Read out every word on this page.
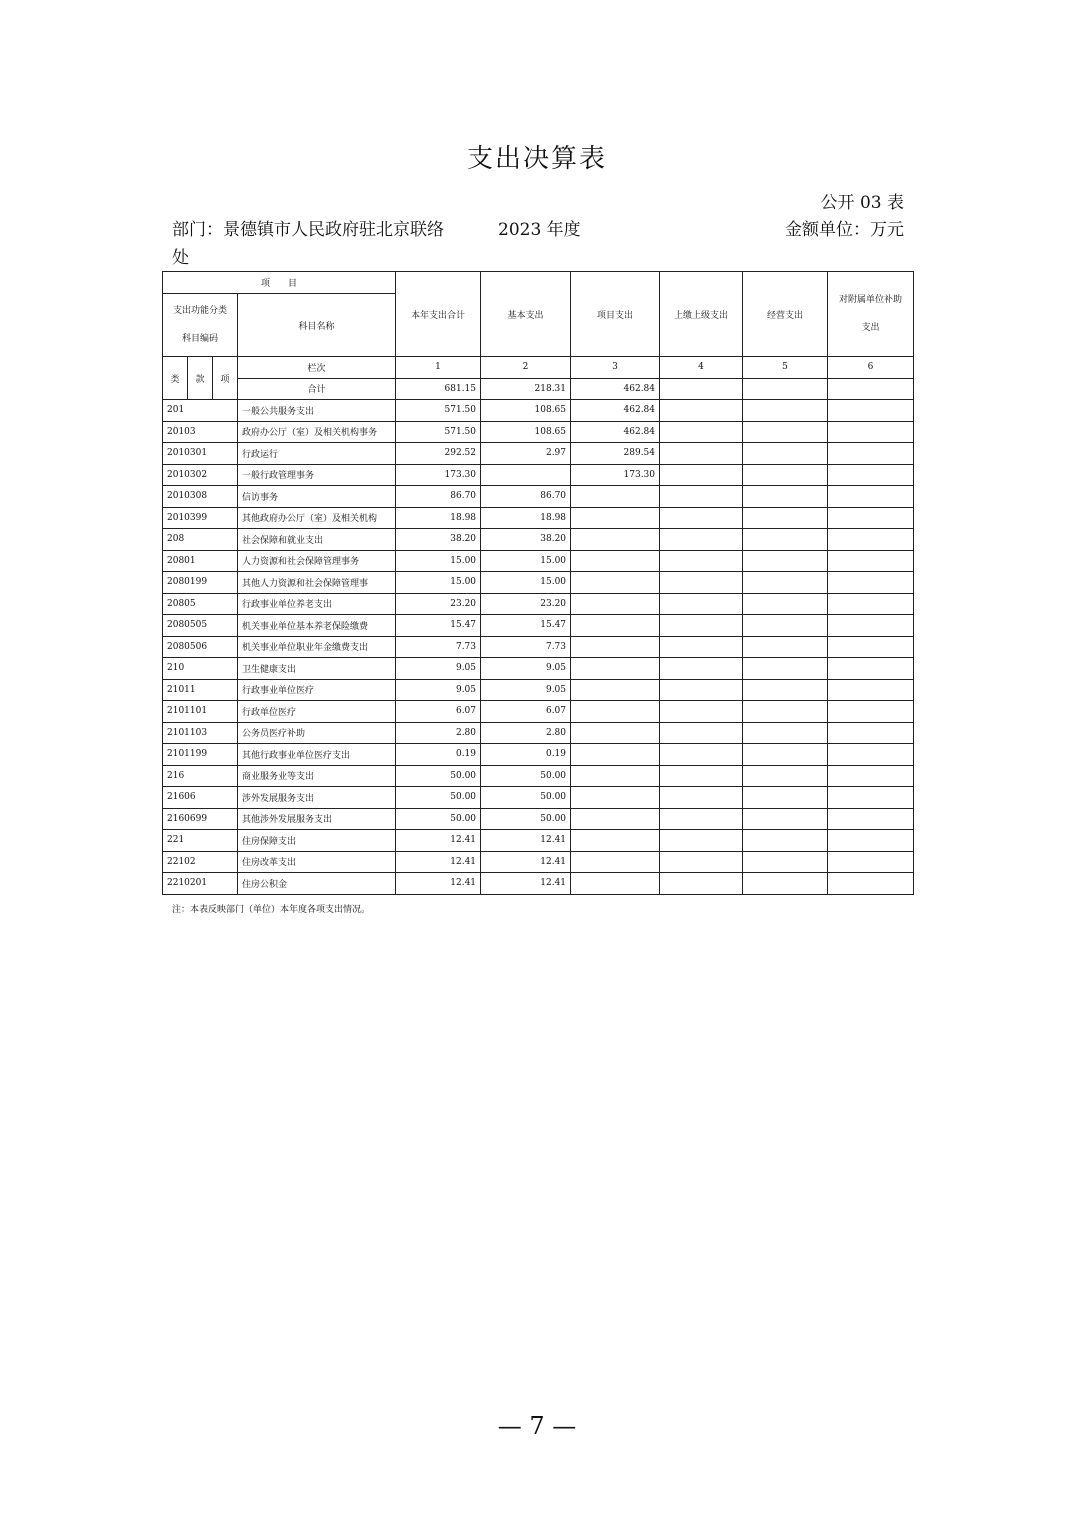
支出决算表
公开 03 表
部门：景德镇市人民政府驻北京联络处
2023 年度	金额单位：万元
项　　目				本年支出合计	基本支出	项目支出	上缴上级支出	经营支出	对附属单位补助支出

支出功能分类
科目编码			科目名称						
类	款	项	栏次	1	2	3	4	5	6
			合计	681.15	218.31	462.84			
201			一般公共服务支出	571.50	108.65	462.84			
20103			政府办公厅（室）及相关机构事务	571.50	108.65	462.84			
2010301			行政运行	292.52	2.97	289.54			
2010302			一般行政管理事务	173.30		173.30			
2010308			信访事务	86.70	86.70				
2010399			其他政府办公厅（室）及相关机构	18.98	18.98				
208			社会保障和就业支出	38.20	38.20				
20801			人力资源和社会保障管理事务	15.00	15.00				
2080199			其他人力资源和社会保障管理事	15.00	15.00				
20805			行政事业单位养老支出	23.20	23.20				
2080505			机关事业单位基本养老保险缴费	15.47	15.47				
2080506			机关事业单位职业年金缴费支出	7.73	7.73				
210			卫生健康支出	9.05	9.05				
21011			行政事业单位医疗	9.05	9.05				
2101101			行政单位医疗	6.07	6.07				
2101103			公务员医疗补助	2.80	2.80				
2101199			其他行政事业单位医疗支出	0.19	0.19				
216			商业服务业等支出	50.00	50.00				
21606			涉外发展服务支出	50.00	50.00				
2160699			其他涉外发展服务支出	50.00	50.00				
221			住房保障支出	12.41	12.41				
22102			住房改革支出	12.41	12.41				
2210201			住房公积金	12.41	12.41				
注：本表反映部门（单位）本年度各项支出情况。
— 7 —
